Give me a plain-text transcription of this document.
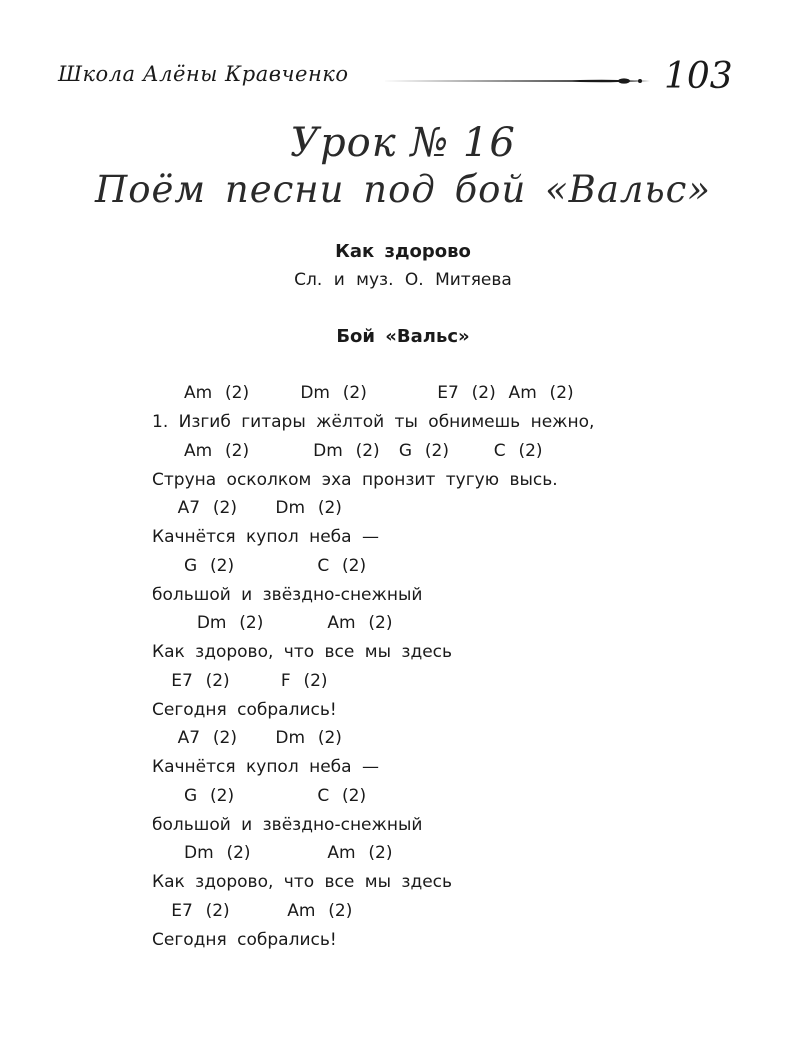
Школа Алёны Кравченко	103
Урок № 16
Поём песни под бой «Вальс»
Как здорово
Сл. и муз. О. Митяева
Бой «Вальс»
Am  (2)        Dm  (2)           E7  (2)  Am  (2)
1. Изгиб гитары жёлтой ты обнимешь нежно,
Am  (2)          Dm  (2)   G  (2)       C  (2)
Струна осколком эха пронзит тугую высь.
A7  (2)      Dm  (2)
Качнётся купол неба —
G  (2)             C  (2)
большой и звёздно-снежный
Dm  (2)          Am  (2)
Как здорово, что все мы здесь
E7  (2)        F  (2)
Сегодня собрались!
A7  (2)      Dm  (2)
Качнётся купол неба —
G  (2)             C  (2)
большой и звёздно-снежный
Dm  (2)            Am  (2)
Как здорово, что все мы здесь
E7  (2)         Am  (2)
Сегодня собрались!
